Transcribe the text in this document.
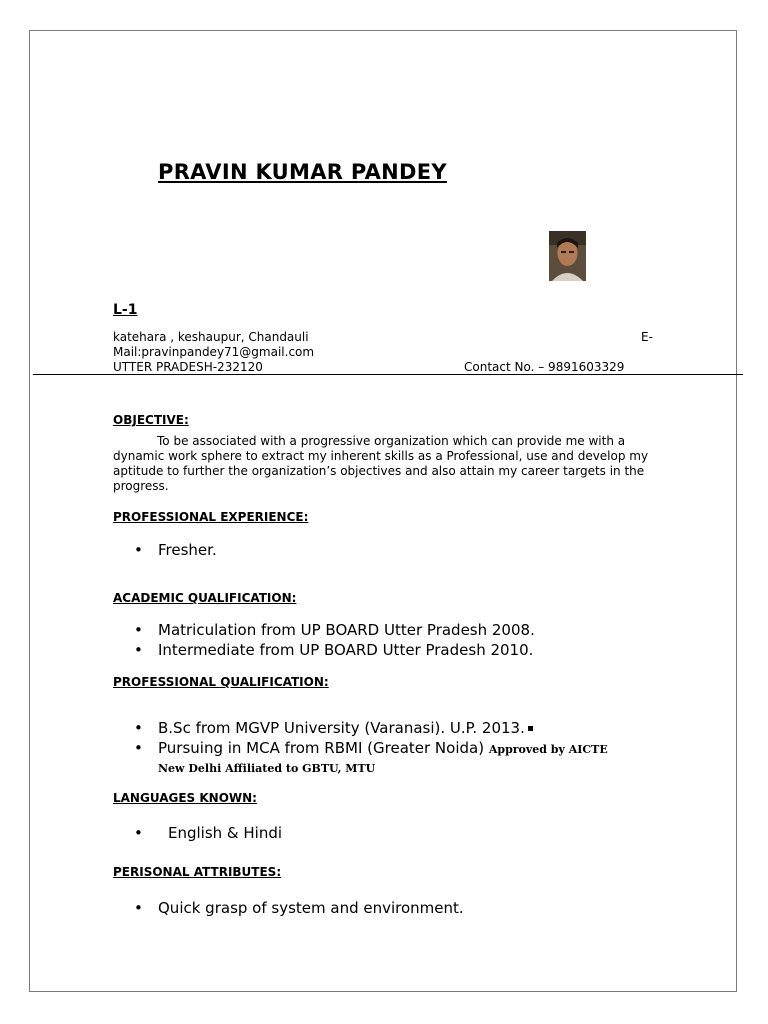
PRAVIN KUMAR PANDEY
L-1
katehara , keshaupur, Chandauli	E-
Mail:pravinpandey71@gmail.com
UTTER PRADESH-232120	Contact No. – 9891603329
OBJECTIVE:
To be associated with a progressive organization which can provide me with a dynamic work sphere to extract my inherent skills as a Professional, use and develop my aptitude to further the organization’s objectives and also attain my career targets in the progress.
PROFESSIONAL EXPERIENCE:
• Fresher.
ACADEMIC QUALIFICATION:
• Matriculation from UP BOARD Utter Pradesh 2008.
• Intermediate from UP BOARD Utter Pradesh 2010.
PROFESSIONAL QUALIFICATION:
• B.Sc from MGVP University (Varanasi). U.P. 2013.
• Pursuing in MCA from RBMI (Greater Noida) Approved by AICTE
New Delhi Affiliated to GBTU, MTU
LANGUAGES KNOWN:
• English & Hindi
PERISONAL ATTRIBUTES:
• Quick grasp of system and environment.
